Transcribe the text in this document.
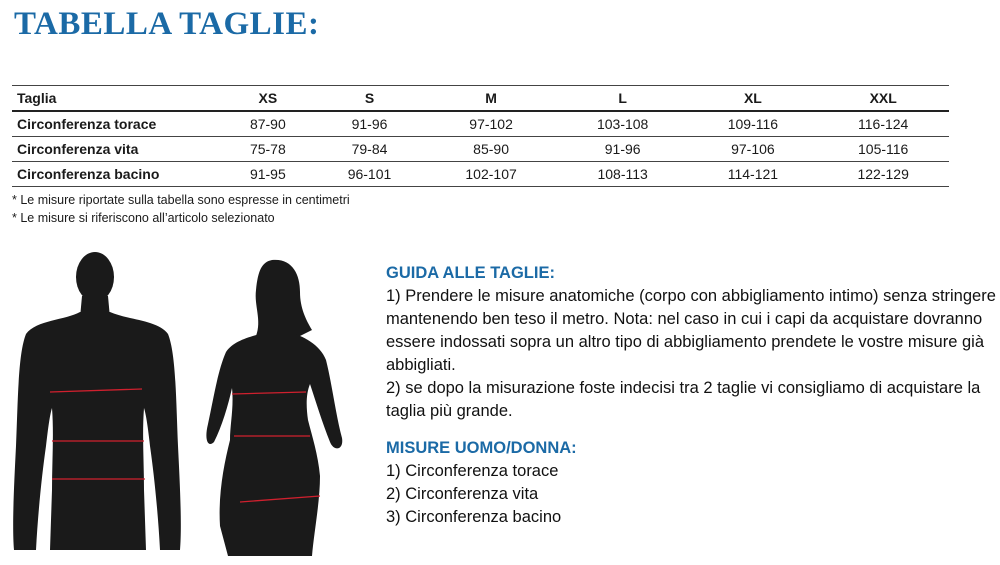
TABELLA TAGLIE:
Taglia	XS	S	M	L	XL	XXL
Circonferenza torace	87-90	91-96	97-102	103-108	109-116	116-124
Circonferenza vita	75-78	79-84	85-90	91-96	97-106	105-116
Circonferenza bacino	91-95	96-101	102-107	108-113	114-121	122-129
* Le misure riportate sulla tabella sono espresse in centimetri
* Le misure si riferiscono all’articolo selezionato
GUIDA ALLE TAGLIE:

1) Prendere le misure anatomiche (corpo con abbigliamento intimo) senza stringere mantenendo ben teso il metro. Nota: nel caso in cui i capi da acquistare dovranno essere indossati sopra un altro tipo di abbigliamento prendete le vostre misure già abbigliati.

2) se dopo la misurazione foste indecisi tra 2 taglie vi consigliamo di acquistare la taglia più grande.

MISURE UOMO/DONNA:

1) Circonferenza torace

2) Circonferenza vita

3) Circonferenza bacino
